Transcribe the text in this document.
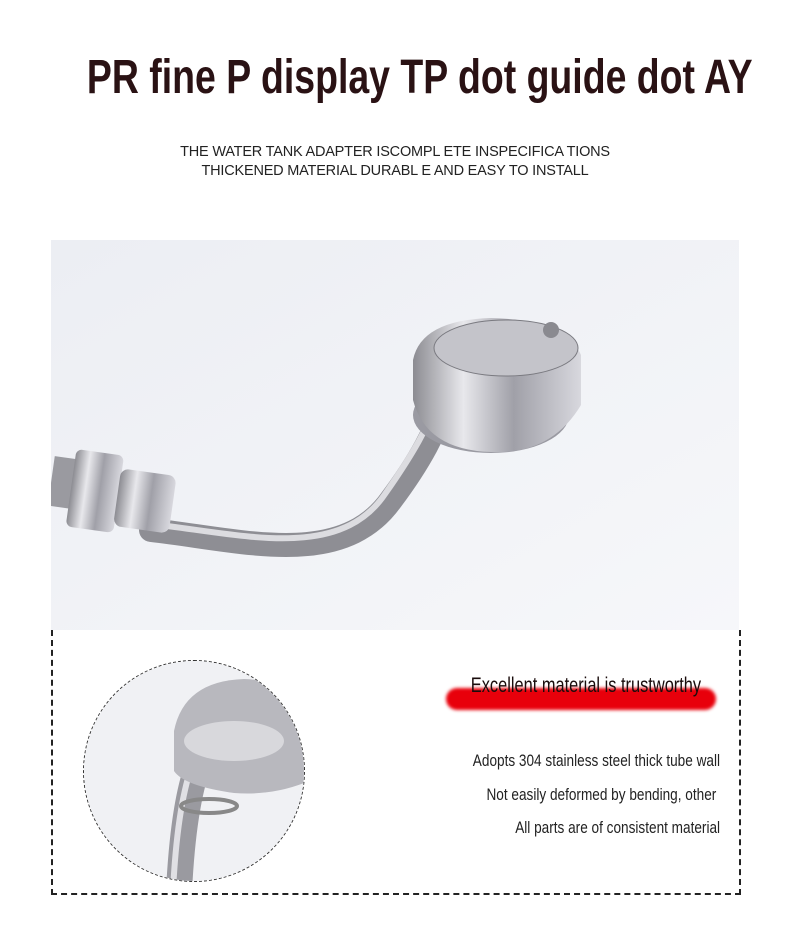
PR fine P display TP dot guide dot AY
THE WATER TANK ADAPTER ISCOMPL ETE INSPECIFICA TIONS
THICKENED MATERIAL DURABL E AND EASY TO INSTALL
Excellent material is trustworthy
Adopts 304 stainless steel thick tube wall
Not easily deformed by bending, other
All parts are of consistent material
